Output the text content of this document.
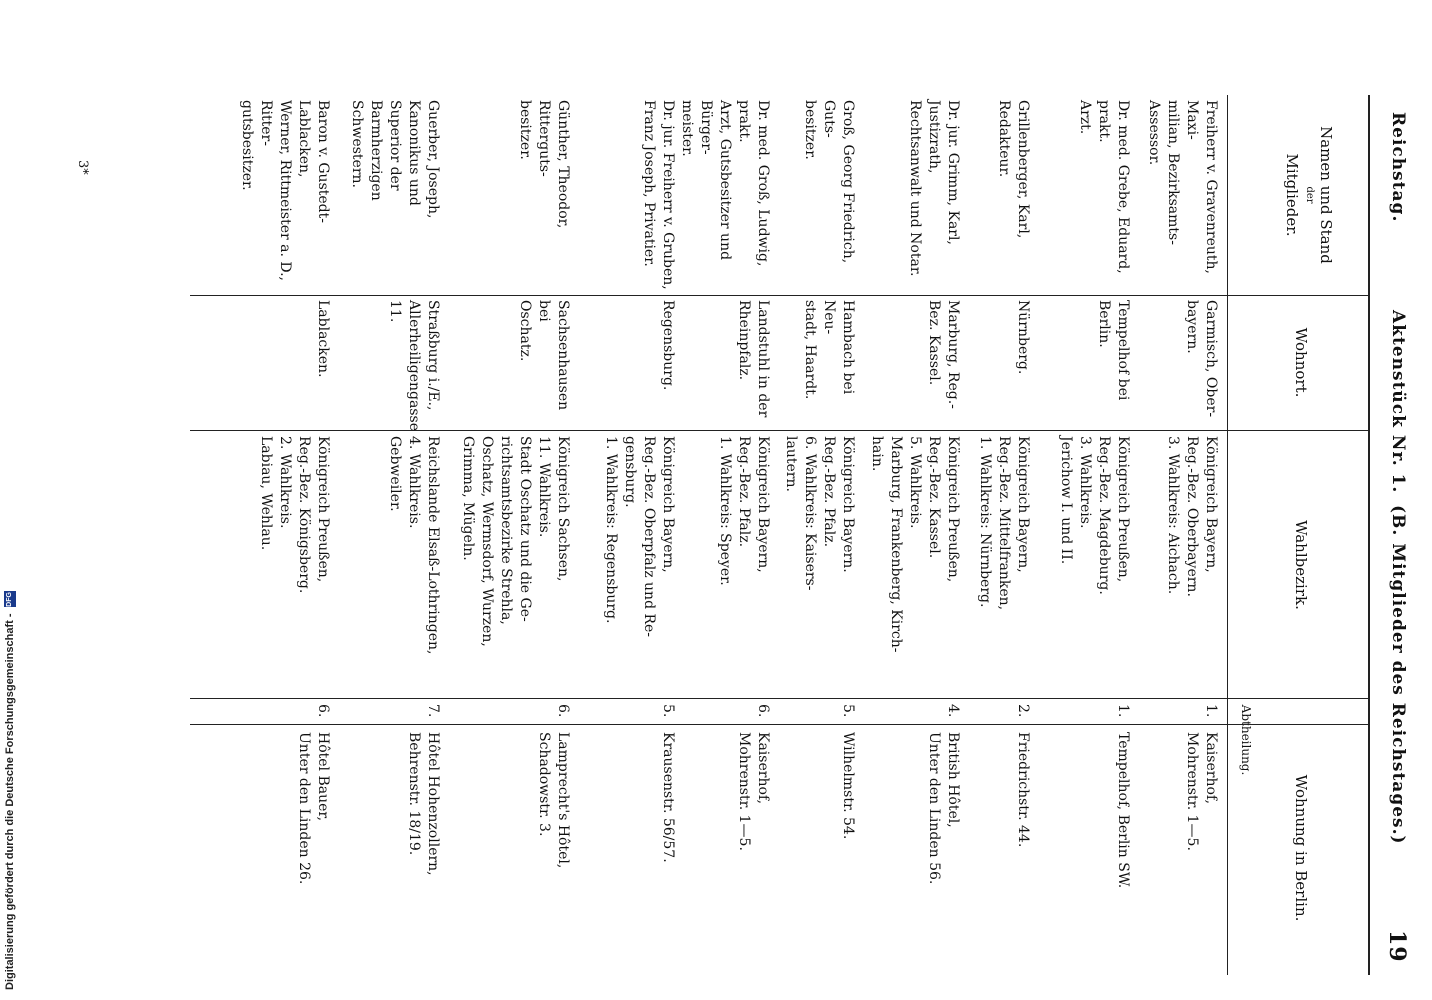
Reichstag.
Aktenstück Nr. 1.
(B. Mitglieder des Reichstages.)
19
Namen und Stand
der
Mitglieder.
Wohnort.
Wahlbezirk.
Abtheilung.
Wohnung in Berlin.
Freiherr v. Gravenreuth, Maxi-
milian, Bezirksamts-Assessor.
Garmisch, Ober-
bayern.
Königreich Bayern,
Reg.-Bez. Oberbayern.
3. Wahlkreis: Aichach.
1.
Kaiserhof,
Mohrenstr. 1—5.
Dr. med. Grebe, Eduard, prakt.
Arzt.
Tempelhof bei
Berlin.
Königreich Preußen,
Reg.-Bez. Magdeburg.
3. Wahlkreis.
Jerichow I. und II.
1.
Tempelhof, Berlin SW.
Grillenberger, Karl, Redakteur.
Nürnberg.
Königreich Bayern,
Reg.-Bez. Mittelfranken,
1. Wahlkreis: Nürnberg.
2.
Friedrichstr. 44.
Dr. jur. Grimm, Karl, Justizrath,
Rechtsanwalt und Notar.
Marburg, Reg.-
Bez. Kassel.
Königreich Preußen,
Reg.-Bez. Kassel.
5. Wahlkreis.
Marburg, Frankenberg, Kirch-
hain.
4.
British Hôtel,
Unter den Linden 56.
Groß, Georg Friedrich, Guts-
besitzer.
Hambach bei Neu-
stadt, Haardt.
Königreich Bayern.
Reg.-Bez. Pfalz.
6. Wahlkreis: Kaisers-
lautern.
5.
Wilhelmstr. 54.
Dr. med. Groß, Ludwig, prakt.
Arzt, Gutsbesitzer und Bürger-
meister.
Landstuhl in der
Rheinpfalz.
Königreich Bayern,
Reg.-Bez. Pfalz.
1. Wahlkreis: Speyer.
6.
Kaiserhof,
Mohrenstr. 1—5.
Dr. jur. Freiherr v. Gruben,
Franz Joseph, Privatier.
Regensburg.
Königreich Bayern,
Reg.-Bez. Oberpfalz und Re-
gensburg.
1. Wahlkreis: Regensburg.
5.
Krausenstr. 56/57.
Günther, Theodor, Ritterguts-
besitzer.
Sachsenhausen bei
Oschatz.
Königreich Sachsen,
11. Wahlkreis.
Stadt Oschatz und die Ge-
richtsamtsbezirke Strehla,
Oschatz, Wermsdorf, Wurzen,
Grimma, Mügeln.
6.
Lamprecht's Hôtel,
Schadowstr. 3.
Guerber, Joseph, Kanonikus und
Superior der Barmherzigen
Schwestern.
Straßburg i./E.,
Allerheiligengasse
11.
Reichslande Elsaß-Lothringen,
4. Wahlkreis.
Gebweiler.
7.
Hôtel Hohenzollern,
Behrenstr. 18/19.
Baron v. Gustedt-Lablacken,
Werner, Rittmeister a. D., Ritter-
gutsbesitzer.
Lablacken.
Königreich Preußen,
Reg.-Bez. Königsberg.
2. Wahlkreis.
Labiau, Wehlau.
6.
Hôtel Bauer,
Unter den Linden 26.
3*
Digitalisierung gefördert durch die Deutsche Forschungsgemeinschaft - DFG
